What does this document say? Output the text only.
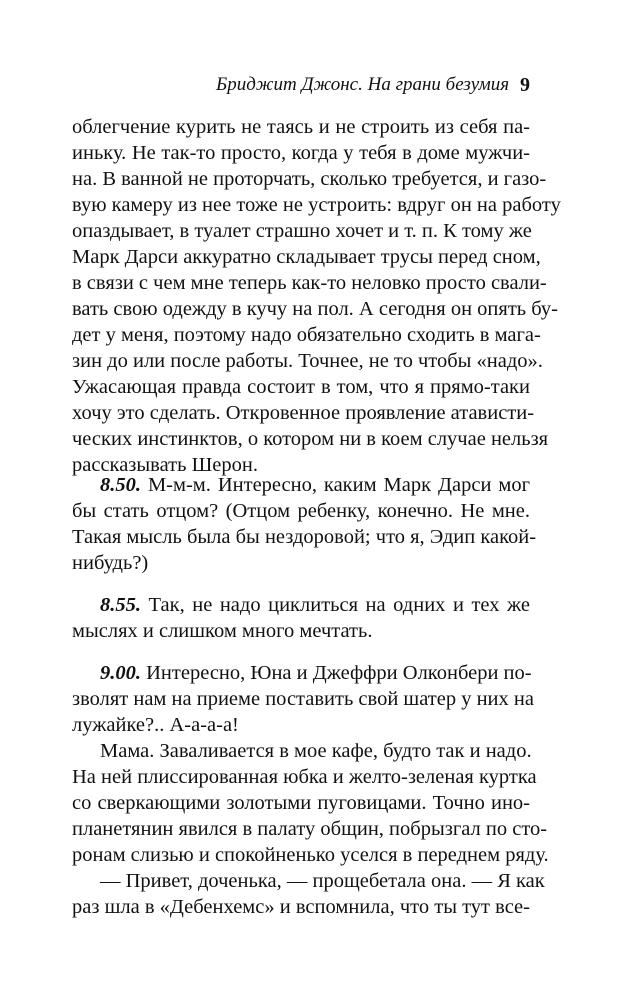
Бриджит Джонс. На грани безумия 9
облегчение курить не таясь и не строить из себя па-
иньку. Не так-то просто, когда у тебя в доме мужчи-
на. В ванной не проторчать, сколько требуется, и газо-
вую камеру из нее тоже не устроить: вдруг он на работу
опаздывает, в туалет страшно хочет и т. п. К тому же
Марк Дарси аккуратно складывает трусы перед сном,
в связи с чем мне теперь как-то неловко просто свали-
вать свою одежду в кучу на пол. А сегодня он опять бу-
дет у меня, поэтому надо обязательно сходить в мага-
зин до или после работы. Точнее, не то чтобы «надо».
Ужасающая правда состоит в том, что я прямо-таки
хочу это сделать. Откровенное проявление атависти-
ческих инстинктов, о котором ни в коем случае нельзя
рассказывать Шерон.
8.50. М-м-м. Интересно, каким Марк Дарси мог
бы стать отцом? (Отцом ребенку, конечно. Не мне.
Такая мысль была бы нездоровой; что я, Эдип какой-
нибудь?)
8.55. Так, не надо циклиться на одних и тех же
мыслях и слишком много мечтать.
9.00. Интересно, Юна и Джеффри Олконбери по-
зволят нам на приеме поставить свой шатер у них на
лужайке?.. А-а-а-а!
Мама. Заваливается в мое кафе, будто так и надо.
На ней плиссированная юбка и желто-зеленая куртка
со сверкающими золотыми пуговицами. Точно ино-
планетянин явился в палату общин, побрызгал по сто-
ронам слизью и спокойненько уселся в переднем ряду.
— Привет, доченька, — прощебетала она. — Я как
раз шла в «Дебенхемс» и вспомнила, что ты тут все-
